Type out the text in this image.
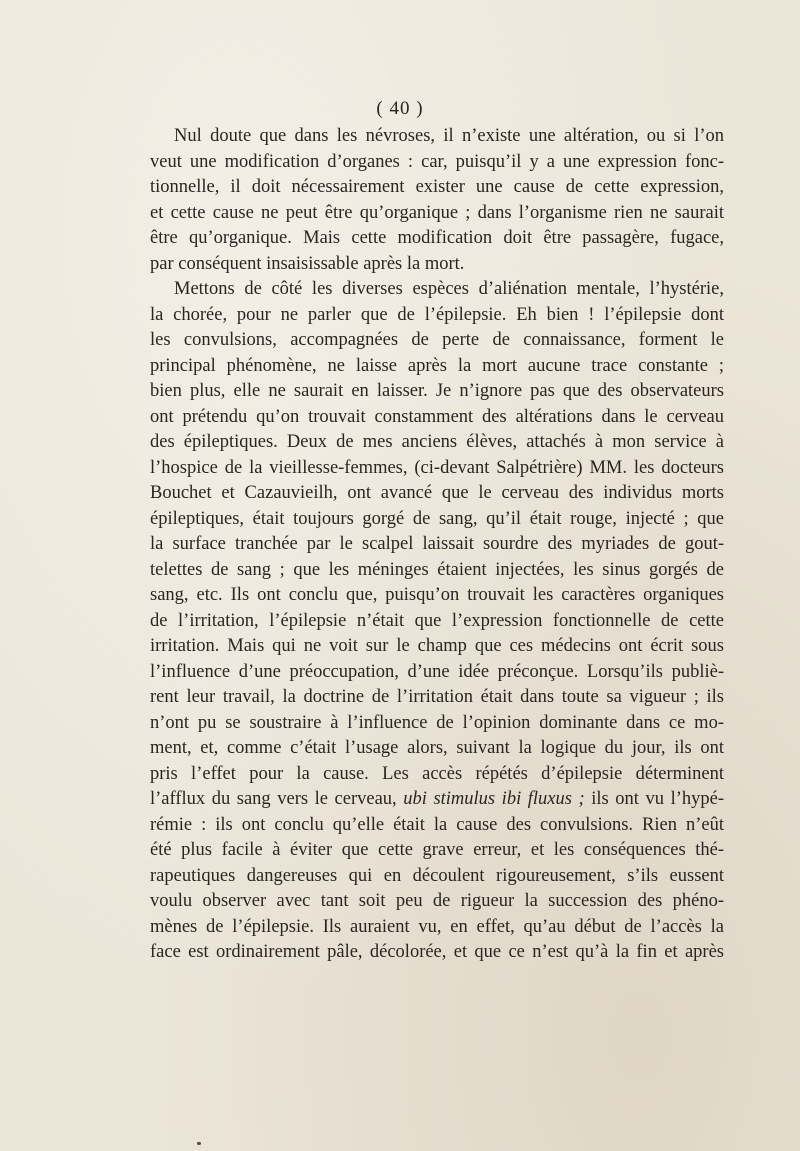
( 40 )
Nul doute que dans les névroses, il n’existe une altération, ou si l’on
veut une modification d’organes : car, puisqu’il y a une expression fonc-
tionnelle, il doit nécessairement exister une cause de cette expression,
et cette cause ne peut être qu’organique ; dans l’organisme rien ne saurait
être qu’organique. Mais cette modification doit être passagère, fugace,
par conséquent insaisissable après la mort.
Mettons de côté les diverses espèces d’aliénation mentale, l’hystérie,
la chorée, pour ne parler que de l’épilepsie. Eh bien ! l’épilepsie dont
les convulsions, accompagnées de perte de connaissance, forment le
principal phénomène, ne laisse après la mort aucune trace constante ;
bien plus, elle ne saurait en laisser. Je n’ignore pas que des observateurs
ont prétendu qu’on trouvait constamment des altérations dans le cerveau
des épileptiques. Deux de mes anciens élèves, attachés à mon service à
l’hospice de la vieillesse-femmes, (ci-devant Salpétrière) MM. les docteurs
Bouchet et Cazauvieilh, ont avancé que le cerveau des individus morts
épileptiques, était toujours gorgé de sang, qu’il était rouge, injecté ; que
la surface tranchée par le scalpel laissait sourdre des myriades de gout-
telettes de sang ; que les méninges étaient injectées, les sinus gorgés de
sang, etc. Ils ont conclu que, puisqu’on trouvait les caractères organiques
de l’irritation, l’épilepsie n’était que l’expression fonctionnelle de cette
irritation. Mais qui ne voit sur le champ que ces médecins ont écrit sous
l’influence d’une préoccupation, d’une idée préconçue. Lorsqu’ils publiè-
rent leur travail, la doctrine de l’irritation était dans toute sa vigueur ; ils
n’ont pu se soustraire à l’influence de l’opinion dominante dans ce mo-
ment, et, comme c’était l’usage alors, suivant la logique du jour, ils ont
pris l’effet pour la cause. Les accès répétés d’épilepsie déterminent
l’afflux du sang vers le cerveau, ubi stimulus ibi fluxus ; ils ont vu l’hypé-
rémie : ils ont conclu qu’elle était la cause des convulsions. Rien n’eût
été plus facile à éviter que cette grave erreur, et les conséquences thé-
rapeutiques dangereuses qui en découlent rigoureusement, s’ils eussent
voulu observer avec tant soit peu de rigueur la succession des phéno-
mènes de l’épilepsie. Ils auraient vu, en effet, qu’au début de l’accès la
face est ordinairement pâle, décolorée, et que ce n’est qu’à la fin et après
